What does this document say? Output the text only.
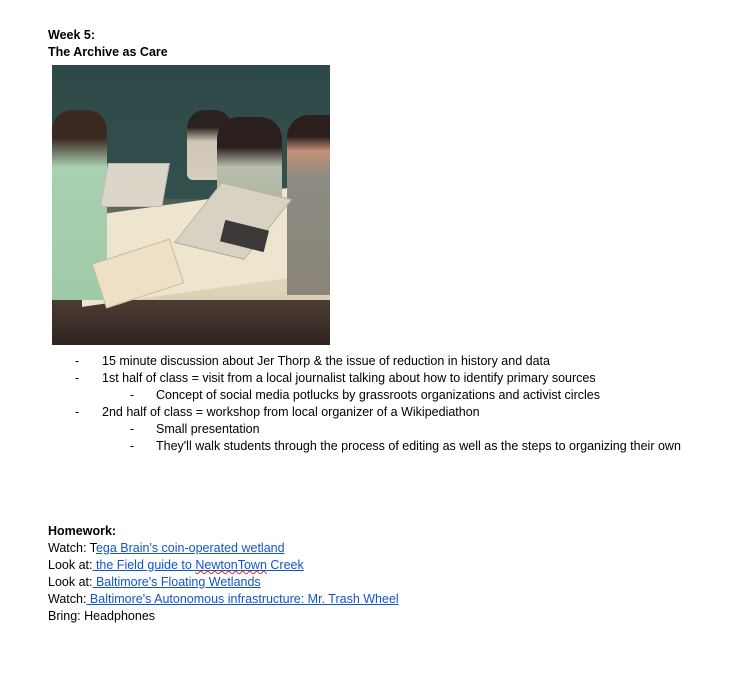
Week 5:
The Archive as Care
- 15 minute discussion about Jer Thorp & the issue of reduction in history and data
- 1st half of class = visit from a local journalist talking about how to identify primary sources
- Concept of social media potlucks by grassroots organizations and activist circles
- 2nd half of class = workshop from local organizer of a Wikipediathon
- Small presentation
- They'll walk students through the process of editing as well as the steps to organizing their own
Homework:
Watch: Tega Brain's coin-operated wetland
Look at: the Field guide to NewtonTown Creek
Look at: Baltimore's Floating Wetlands
Watch: Baltimore's Autonomous infrastructure: Mr. Trash Wheel
Bring: Headphones
